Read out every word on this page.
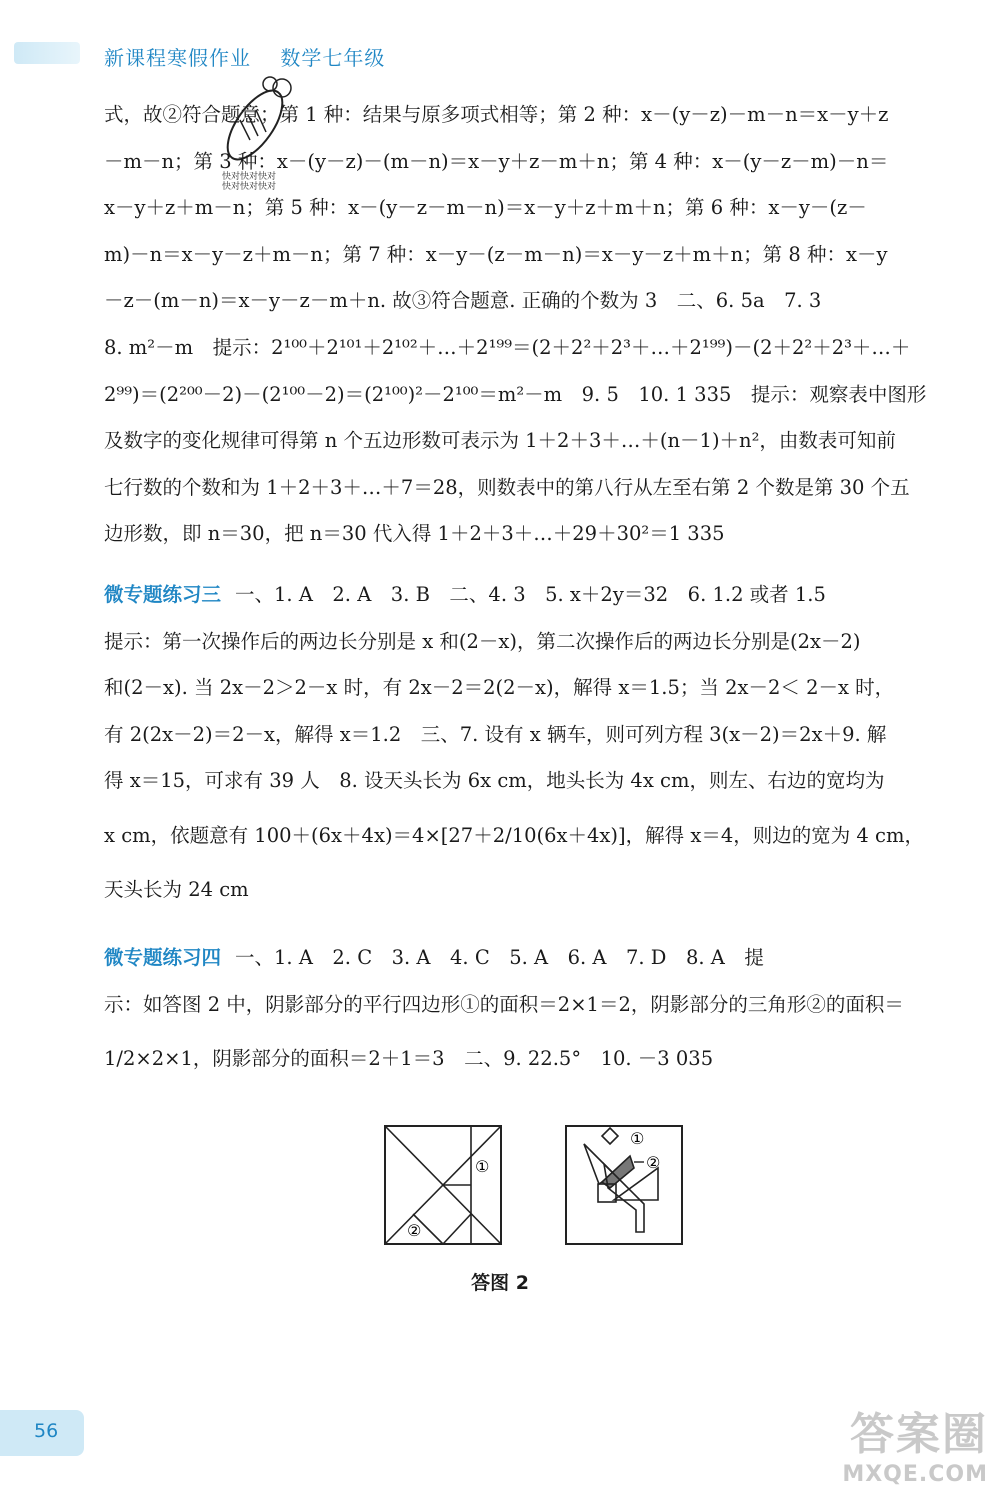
新课程寒假作业 数学七年级
快对快对快对
快对快对快对
式，故②符合题意；第 1 种：结果与原多项式相等；第 2 种：x－(y－z)－m－n＝x－y＋z
－m－n；第 3 种：x－(y－z)－(m－n)＝x－y＋z－m＋n；第 4 种：x－(y－z－m)－n＝
x－y＋z＋m－n；第 5 种：x－(y－z－m－n)＝x－y＋z＋m＋n；第 6 种：x－y－(z－
m)－n＝x－y－z＋m－n；第 7 种：x－y－(z－m－n)＝x－y－z＋m＋n；第 8 种：x－y
－z－(m－n)＝x－y－z－m＋n. 故③符合题意. 正确的个数为 3　二、6. 5a　7. 3
8. m²－m　提示：2¹⁰⁰＋2¹⁰¹＋2¹⁰²＋…＋2¹⁹⁹＝(2＋2²＋2³＋…＋2¹⁹⁹)－(2＋2²＋2³＋…＋
2⁹⁹)＝(2²⁰⁰－2)－(2¹⁰⁰－2)＝(2¹⁰⁰)²－2¹⁰⁰＝m²－m　9. 5　10. 1 335　提示：观察表中图形
及数字的变化规律可得第 n 个五边形数可表示为 1＋2＋3＋…＋(n－1)＋n²，由数表可知前
七行数的个数和为 1＋2＋3＋…＋7＝28，则数表中的第八行从左至右第 2 个数是第 30 个五
边形数，即 n＝30，把 n＝30 代入得 1＋2＋3＋…＋29＋30²＝1 335
微专题练习三 一、1. A　2. A　3. B　二、4. 3　5. x＋2y＝32　6. 1.2 或者 1.5
提示：第一次操作后的两边长分别是 x 和(2－x)，第二次操作后的两边长分别是(2x－2)
和(2－x). 当 2x－2＞2－x 时，有 2x－2＝2(2－x)，解得 x＝1.5；当 2x－2＜ 2－x 时，
有 2(2x－2)＝2－x，解得 x＝1.2　三、7. 设有 x 辆车，则可列方程 3(x－2)＝2x＋9. 解
得 x＝15，可求有 39 人　8. 设天头长为 6x cm，地头长为 4x cm，则左、右边的宽均为
x cm，依题意有 100＋(6x＋4x)＝4×[27＋2/10(6x＋4x)]，解得 x＝4，则边的宽为 4 cm，
天头长为 24 cm
微专题练习四 一、1. A　2. C　3. A　4. C　5. A　6. A　7. D　8. A　提
示：如答图 2 中，阴影部分的平行四边形①的面积＝2×1＝2，阴影部分的三角形②的面积＝
1/2×2×1，阴影部分的面积＝2＋1＝3　二、9. 22.5°　10. －3 035
①
②
①
②
答图 2
56	答案圈
MXQE.COM
